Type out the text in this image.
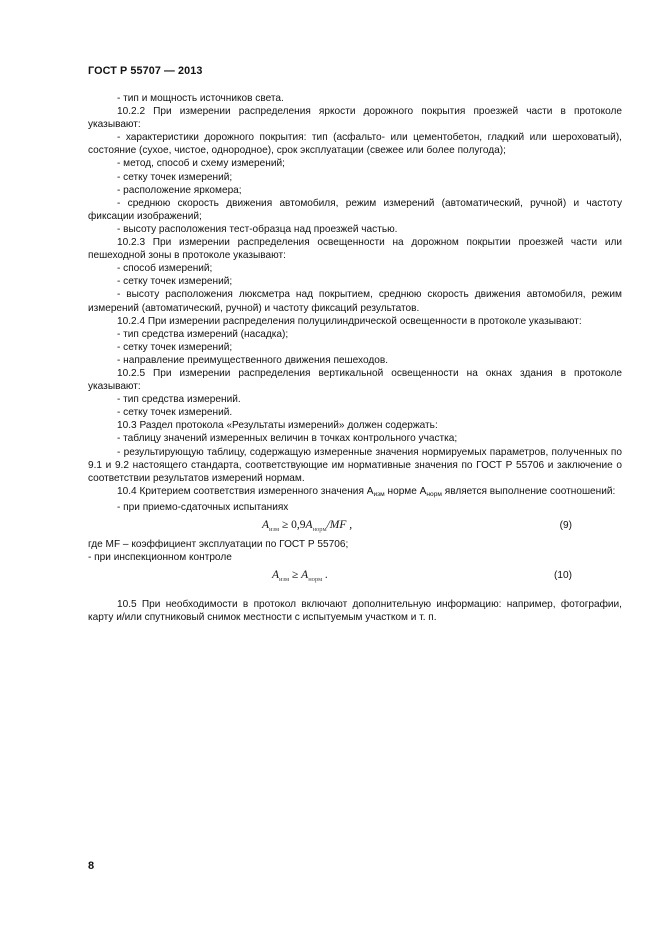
ГОСТ Р 55707 — 2013

- тип и мощность источников света.

10.2.2 При измерении распределения яркости дорожного покрытия проезжей части в протоколе указывают:

- характеристики дорожного покрытия: тип (асфальто- или цементобетон, гладкий или шероховатый), состояние (сухое, чистое, однородное), срок эксплуатации (свежее или более полугода);

- метод, способ и схему измерений;

- сетку точек измерений;

- расположение яркомера;

- среднюю скорость движения автомобиля, режим измерений (автоматический, ручной) и частоту фиксации изображений;

- высоту расположения тест-образца над проезжей частью.

10.2.3 При измерении распределения освещенности на дорожном покрытии проезжей части или пешеходной зоны в протоколе указывают:

- способ измерений;

- сетку точек измерений;

- высоту расположения люксметра над покрытием, среднюю скорость движения автомобиля, режим измерений (автоматический, ручной) и частоту фиксаций результатов.

10.2.4 При измерении распределения полуцилиндрической освещенности в протоколе указывают:

- тип средства измерений (насадка);

- сетку точек измерений;

- направление преимущественного движения пешеходов.

10.2.5 При измерении распределения вертикальной освещенности на окнах здания в протоколе указывают:

- тип средства измерений.

- сетку точек измерений.

10.3 Раздел протокола «Результаты измерений» должен содержать:

- таблицу значений измеренных величин в точках контрольного участка;

- результирующую таблицу, содержащую измеренные значения нормируемых параметров, полученных по 9.1 и 9.2 настоящего стандарта, соответствующие им нормативные значения по ГОСТ Р 55706 и заключение о соответствии результатов измерений нормам.

10.4 Критерием соответствия измеренного значения Aизм норме Aнорм является выполнение соотношений:

- при приемо-сдаточных испытаниях

$A_{изм} \ge 0,9A_{норм}/MF$ ,	(9)

где MF – коэффициент эксплуатации по ГОСТ Р 55706;

- при инспекционном контроле

$A_{изм} \ge A_{норм}$ .	(10)

10.5 При необходимости в протокол включают дополнительную информацию: например, фотографии, карту и/или спутниковый снимок местности с испытуемым участком и т. п.

8
